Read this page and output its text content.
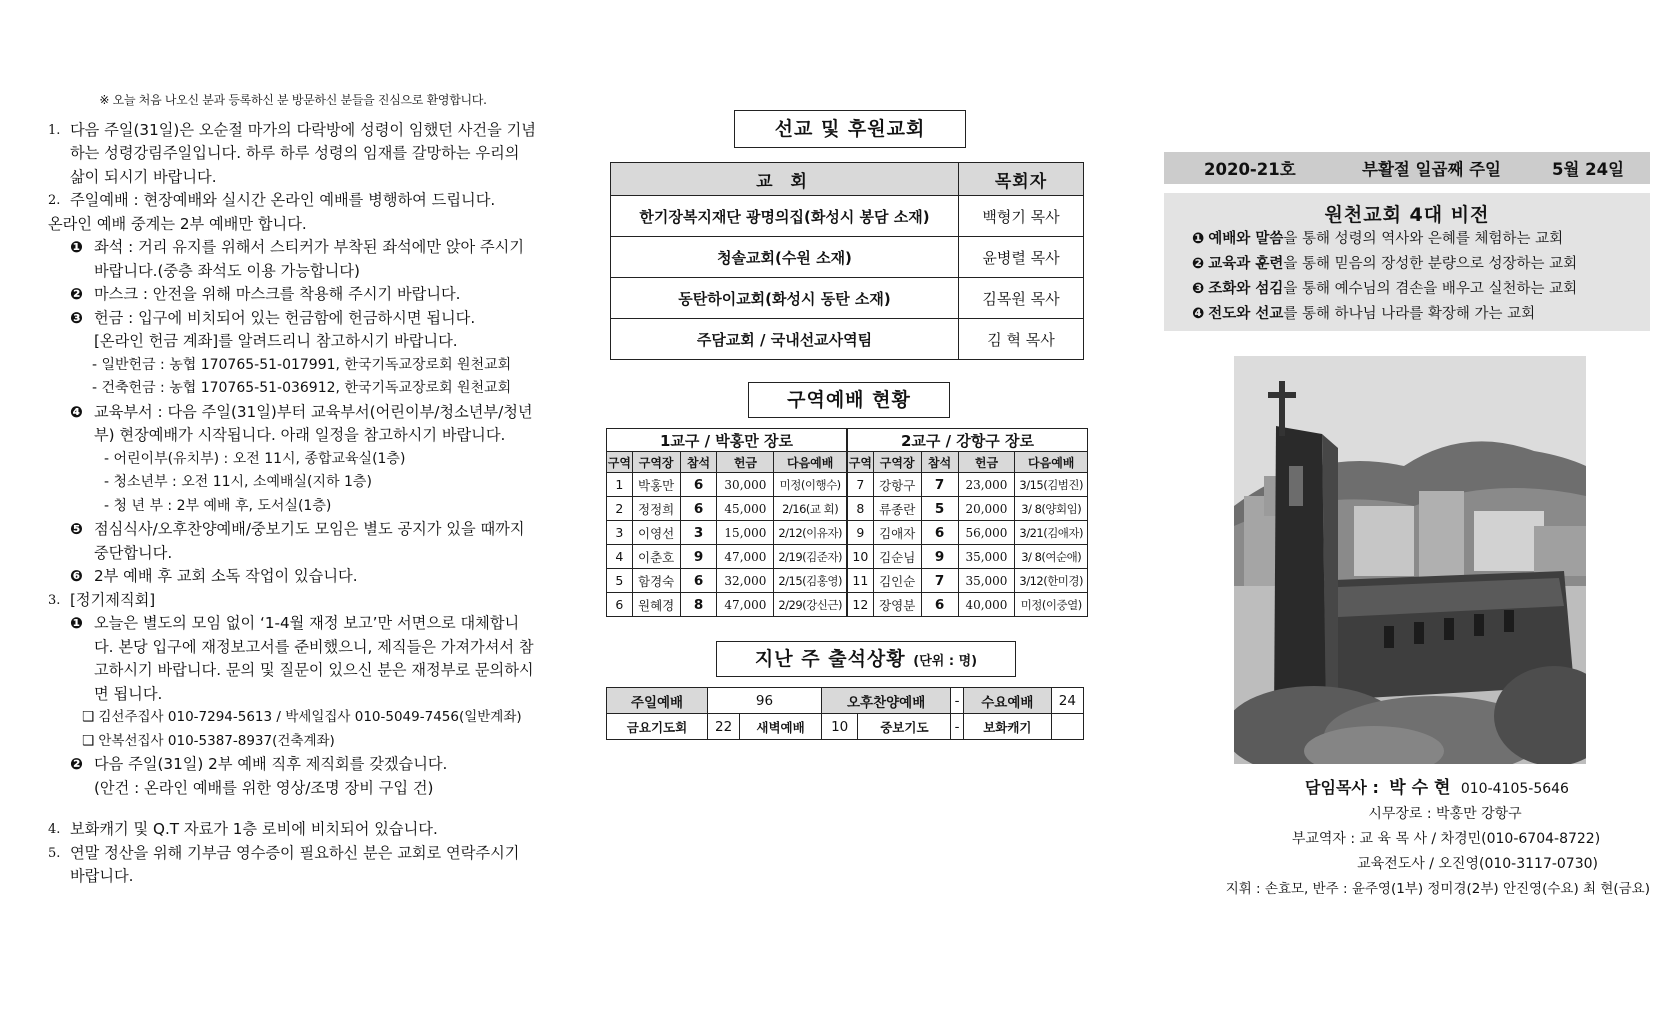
※ 오늘 처음 나오신 분과 등록하신 분 방문하신 분들을 진심으로 환영합니다.
1. 다음 주일(31일)은 오순절 마가의 다락방에 성령이 임했던 사건을 기념하는 성령강림주일입니다. 하루 하루 성령의 임재를 갈망하는 우리의 삶이 되시기 바랍니다.
2. 주일예배 : 현장예배와 실시간 온라인 예배를 병행하여 드립니다.
온라인 예배 중계는 2부 예배만 합니다.
❶ 좌석 : 거리 유지를 위해서 스티커가 부착된 좌석에만 앉아 주시기 바랍니다.(중층 좌석도 이용 가능합니다)
❷ 마스크 : 안전을 위해 마스크를 착용해 주시기 바랍니다.
❸ 헌금 : 입구에 비치되어 있는 헌금함에 헌금하시면 됩니다.
[온라인 헌금 계좌]를 알려드리니 참고하시기 바랍니다.
- 일반헌금 : 농협 170765-51-017991, 한국기독교장로회 원천교회
- 건축헌금 : 농협 170765-51-036912, 한국기독교장로회 원천교회
❹ 교육부서 : 다음 주일(31일)부터 교육부서(어린이부/청소년부/청년부) 현장예배가 시작됩니다. 아래 일정을 참고하시기 바랍니다.
- 어린이부(유치부) : 오전 11시, 종합교육실(1층)
- 청소년부 : 오전 11시, 소예배실(지하 1층)
- 청 년 부 : 2부 예배 후, 도서실(1층)
❺ 점심식사/오후찬양예배/중보기도 모임은 별도 공지가 있을 때까지 중단합니다.
❻ 2부 예배 후 교회 소독 작업이 있습니다.
3. [정기제직회]
❶ 오늘은 별도의 모임 없이 ‘1-4월 재정 보고’만 서면으로 대체합니다. 본당 입구에 재정보고서를 준비했으니, 제직들은 가져가셔서 참고하시기 바랍니다. 문의 및 질문이 있으신 분은 재정부로 문의하시면 됩니다.
❑ 김선주집사 010-7294-5613 / 박세일집사 010-5049-7456(일반계좌)
❑ 안복선집사 010-5387-8937(건축계좌)
❷ 다음 주일(31일) 2부 예배 직후 제직회를 갖겠습니다.
(안건 : 온라인 예배를 위한 영상/조명 장비 구입 건)
4. 보화캐기 및 Q.T 자료가 1층 로비에 비치되어 있습니다.
5. 연말 정산을 위해 기부금 영수증이 필요하신 분은 교회로 연락주시기 바랍니다.
선교 및 후원교회
교 회	목회자
한기장복지재단 광명의집(화성시 봉담 소재)	백형기 목사
청솔교회(수원 소재)	윤병렬 목사
동탄하이교회(화성시 동탄 소재)	김목원 목사
주담교회 / 국내선교사역팀	김 혁 목사
구역예배 현황
1교구 / 박홍만 장로					2교구 / 강항구 장로				
구역	구역장	참석	헌금	다음예배	구역	구역장	참석	헌금	다음예배
1	박홍만	6	30,000	미정(이행수)	7	강항구	7	23,000	3/15(김범진)
2	정정희	6	45,000	2/16(교 회)	8	류종란	5	20,000	3/ 8(양회임)
3	이영선	3	15,000	2/12(이유자)	9	김애자	6	56,000	3/21(김애자)
4	이춘호	9	47,000	2/19(김준자)	10	김순님	9	35,000	3/ 8(여순애)
5	함경숙	6	32,000	2/15(김홍영)	11	김인순	7	35,000	3/12(한미경)
6	원혜경	8	47,000	2/29(강신근)	12	장영분	6	40,000	미정(이중열)
지난 주 출석상황 (단위 : 명)
주일예배	96		오후찬양예배		-	수요예배	24
금요기도회	22	새벽예배	10	중보기도	-	보화캐기	
2020-21호	부활절 일곱째 주일	5월 24일
원천교회 4대 비전
❶ 예배와 말씀을 통해 성령의 역사와 은혜를 체험하는 교회
❷ 교육과 훈련을 통해 믿음의 장성한 분량으로 성장하는 교회
❸ 조화와 섬김을 통해 예수님의 겸손을 배우고 실천하는 교회
❹ 전도와 선교를 통해 하나님 나라를 확장해 가는 교회
담임목사 : 박 수 현 010-4105-5646
시무장로 : 박홍만 강항구
부교역자 : 교 육 목 사 / 차경민(010-6704-8722)
교육전도사 / 오진영(010-3117-0730)
지휘 : 손효모, 반주 : 윤주영(1부) 정미경(2부) 안진영(수요) 최 현(금요)
